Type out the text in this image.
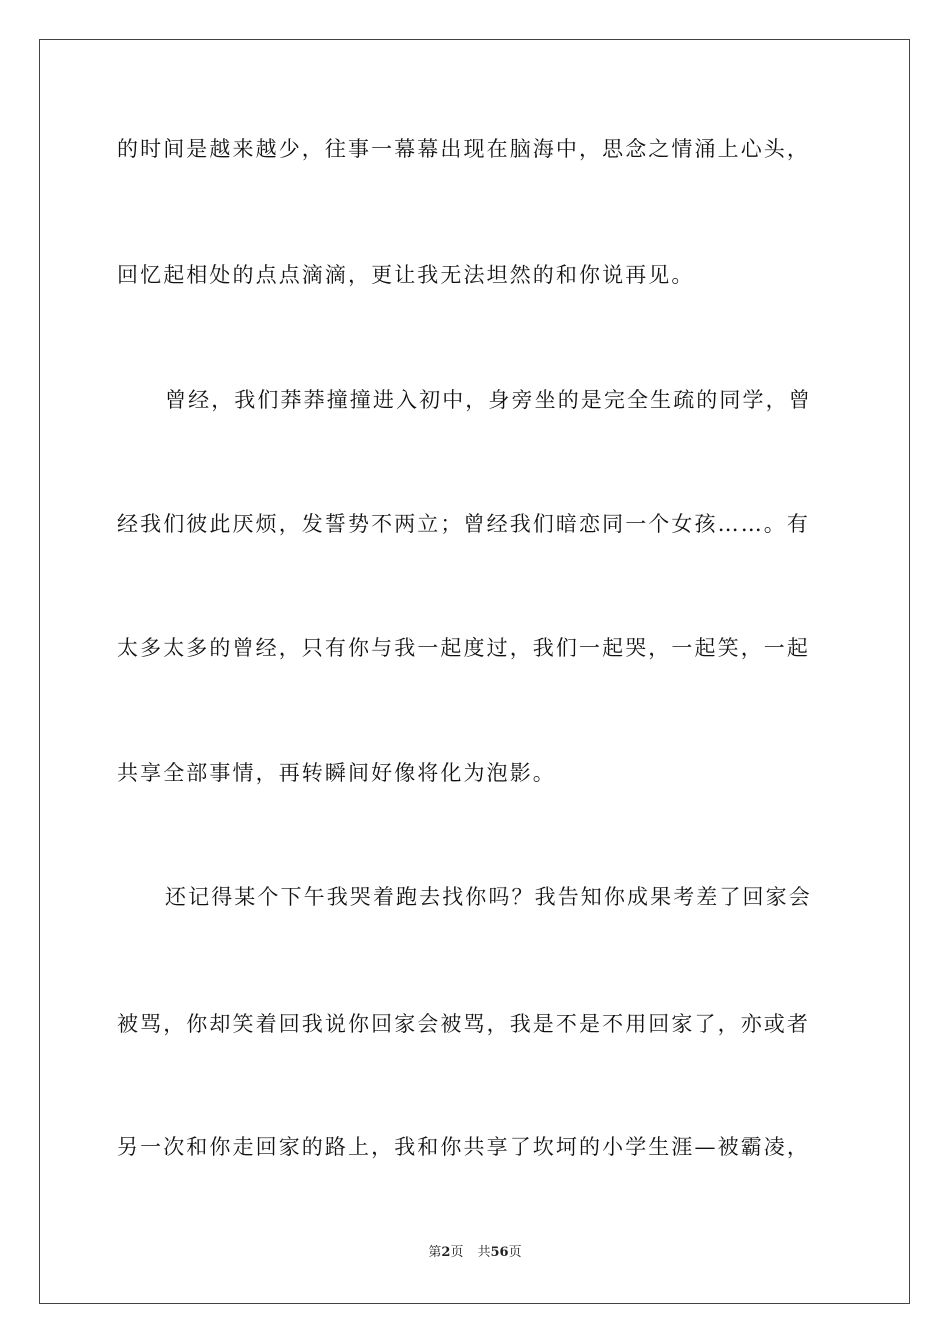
的时间是越来越少，往事一幕幕出现在脑海中，思念之情涌上心头，
回忆起相处的点点滴滴，更让我无法坦然的和你说再见。
曾经，我们莽莽撞撞进入初中，身旁坐的是完全生疏的同学，曾
经我们彼此厌烦，发誓势不两立；曾经我们暗恋同一个女孩……。有
太多太多的曾经，只有你与我一起度过，我们一起哭，一起笑，一起
共享全部事情，再转瞬间好像将化为泡影。
还记得某个下午我哭着跑去找你吗？我告知你成果考差了回家会
被骂，你却笑着回我说你回家会被骂，我是不是不用回家了，亦或者
另一次和你走回家的路上，我和你共享了坎坷的小学生涯—被霸凌，
第2页 共56页
